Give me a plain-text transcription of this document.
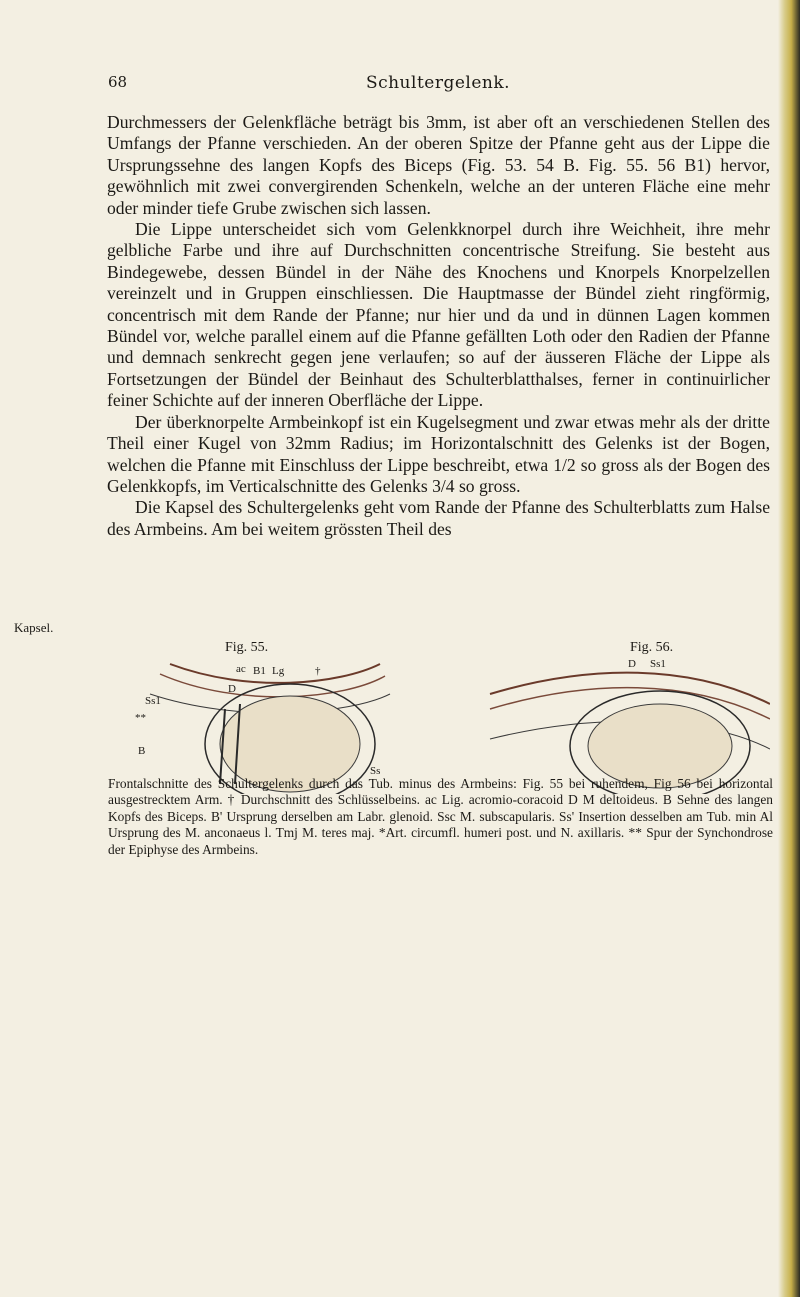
68	Schultergelenk.

Durchmessers der Gelenkfläche beträgt bis 3mm, ist aber oft an verschiedenen Stellen des Umfangs der Pfanne verschieden. An der oberen Spitze der Pfanne geht aus der Lippe die Ursprungssehne des langen Kopfs des Biceps (Fig. 53. 54 B. Fig. 55. 56 B1) hervor, gewöhnlich mit zwei convergirenden Schenkeln, welche an der unteren Fläche eine mehr oder minder tiefe Grube zwischen sich lassen.

Die Lippe unterscheidet sich vom Gelenkknorpel durch ihre Weichheit, ihre mehr gelbliche Farbe und ihre auf Durchschnitten concentrische Streifung. Sie besteht aus Bindegewebe, dessen Bündel in der Nähe des Knochens und Knorpels Knorpelzellen vereinzelt und in Gruppen einschliessen. Die Hauptmasse der Bündel zieht ringförmig, concentrisch mit dem Rande der Pfanne; nur hier und da und in dünnen Lagen kommen Bündel vor, welche parallel einem auf die Pfanne gefällten Loth oder den Radien der Pfanne und demnach senkrecht gegen jene verlaufen; so auf der äusseren Fläche der Lippe als Fortsetzungen der Bündel der Beinhaut des Schulterblatthalses, ferner in continuirlicher feiner Schichte auf der inneren Oberfläche der Lippe.

Der überknorpelte Armbeinkopf ist ein Kugelsegment und zwar etwas mehr als der dritte Theil einer Kugel von 32mm Radius; im Horizontalschnitt des Gelenks ist der Bogen, welchen die Pfanne mit Einschluss der Lippe beschreibt, etwa 1/2 so gross als der Bogen des Gelenkkopfs, im Verticalschnitte des Gelenks 3/4 so gross.

Die Kapsel des Schultergelenks geht vom Rande der Pfanne des Schulterblatts zum Halse des Armbeins. Am bei weitem grössten Theil des

Kapsel.
Fig. 55.
ac B1 Lg	†
D
Ss1
**
B
Ss
Fig. 56.
D Ss1

Frontalschnitte des Schultergelenks durch das Tub. minus des Armbeins: Fig. 55 bei ruhendem, Fig 56 bei horizontal ausgestrecktem Arm. † Durchschnitt des Schlüsselbeins. ac Lig. acromio-coracoid D M deltoideus. B Sehne des langen Kopfs des Biceps. B' Ursprung derselben am Labr. glenoid. Ssc M. subscapularis. Ss' Insertion desselben am Tub. min Al Ursprung des M. anconaeus l. Tmj M. teres maj. *Art. circumfl. humeri post. und N. axillaris. ** Spur der Synchondrose der Epiphyse des Armbeins.
